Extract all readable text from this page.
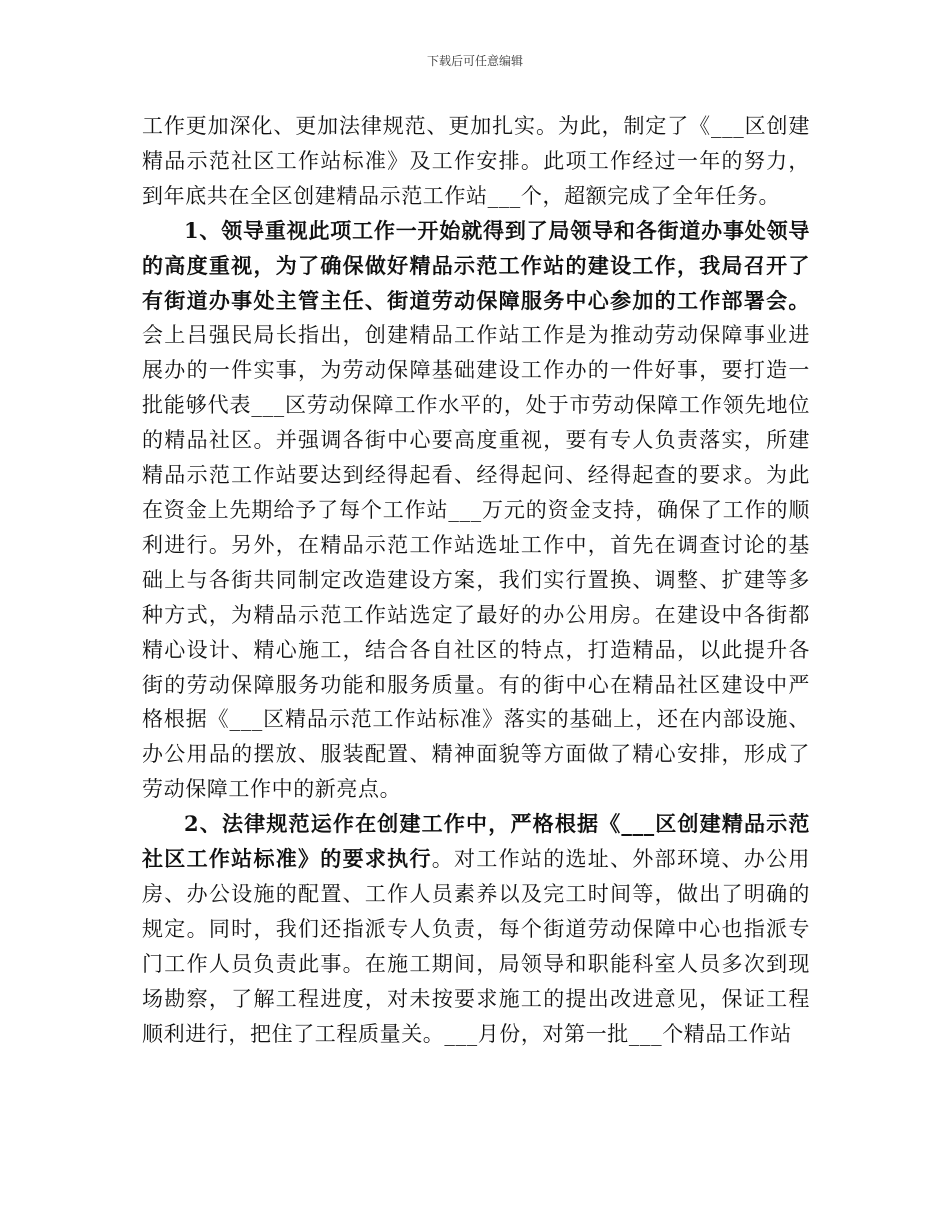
下载后可任意编辑

工作更加深化、更加法律规范、更加扎实。为此，制定了《___区创建精品示范社区工作站标准》及工作安排。此项工作经过一年的努力，到年底共在全区创建精品示范工作站___个，超额完成了全年任务。

1、领导重视此项工作一开始就得到了局领导和各街道办事处领导的高度重视，为了确保做好精品示范工作站的建设工作，我局召开了有街道办事处主管主任、街道劳动保障服务中心参加的工作部署会。会上吕强民局长指出，创建精品工作站工作是为推动劳动保障事业进展办的一件实事，为劳动保障基础建设工作办的一件好事，要打造一批能够代表___区劳动保障工作水平的，处于市劳动保障工作领先地位的精品社区。并强调各街中心要高度重视，要有专人负责落实，所建精品示范工作站要达到经得起看、经得起问、经得起查的要求。为此在资金上先期给予了每个工作站___万元的资金支持，确保了工作的顺利进行。另外，在精品示范工作站选址工作中，首先在调查讨论的基础上与各街共同制定改造建设方案，我们实行置换、调整、扩建等多种方式，为精品示范工作站选定了最好的办公用房。在建设中各街都精心设计、精心施工，结合各自社区的特点，打造精品，以此提升各街的劳动保障服务功能和服务质量。有的街中心在精品社区建设中严格根据《___区精品示范工作站标准》落实的基础上，还在内部设施、办公用品的摆放、服装配置、精神面貌等方面做了精心安排，形成了劳动保障工作中的新亮点。

2、法律规范运作在创建工作中，严格根据《___区创建精品示范社区工作站标准》的要求执行。对工作站的选址、外部环境、办公用房、办公设施的配置、工作人员素养以及完工时间等，做出了明确的规定。同时，我们还指派专人负责，每个街道劳动保障中心也指派专门工作人员负责此事。在施工期间，局领导和职能科室人员多次到现场勘察，了解工程进度，对未按要求施工的提出改进意见，保证工程顺利进行，把住了工程质量关。___月份，对第一批___个精品工作站
